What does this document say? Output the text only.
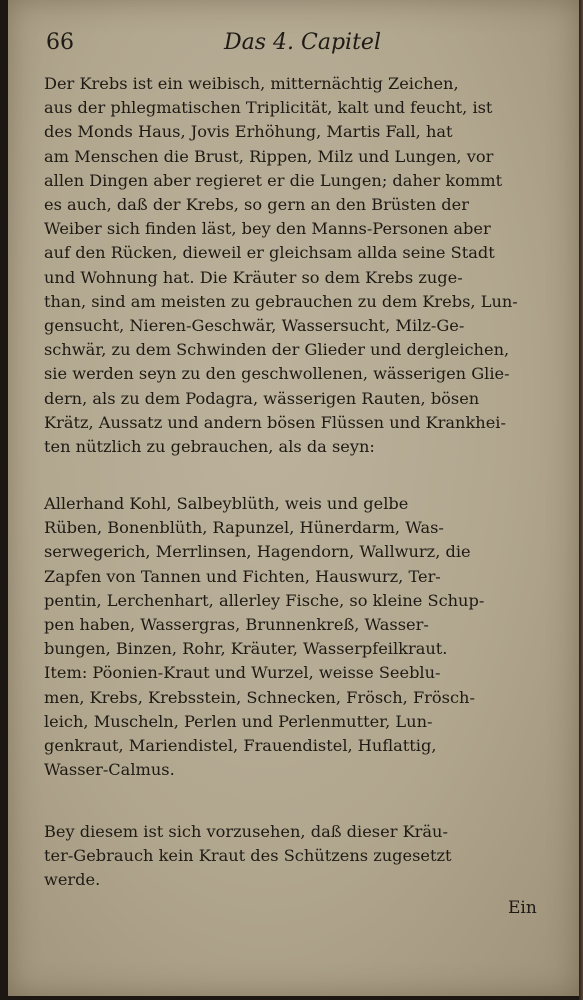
66	Das 4. Capitel
Der Krebs ist ein weibisch, mitternächtig Zeichen,
aus der phlegmatischen Triplicität, kalt und feucht, ist
des Monds Haus, Jovis Erhöhung, Martis Fall, hat
am Menschen die Brust, Rippen, Milz und Lungen, vor
allen Dingen aber regieret er die Lungen; daher kommt
es auch, daß der Krebs, so gern an den Brüsten der
Weiber sich finden läst, bey den Manns-Personen aber
auf den Rücken, dieweil er gleichsam allda seine Stadt
und Wohnung hat. Die Kräuter so dem Krebs zuge-
than, sind am meisten zu gebrauchen zu dem Krebs, Lun-
gensucht, Nieren-Geschwär, Wassersucht, Milz-Ge-
schwär, zu dem Schwinden der Glieder und dergleichen,
sie werden seyn zu den geschwollenen, wässerigen Glie-
dern, als zu dem Podagra, wässerigen Rauten, bösen
Krätz, Aussatz und andern bösen Flüssen und Krankhei-
ten nützlich zu gebrauchen, als da seyn:
Allerhand Kohl, Salbeyblüth, weis und gelbe
Rüben, Bonenblüth, Rapunzel, Hünerdarm, Was-
serwegerich, Merrlinsen, Hagendorn, Wallwurz, die
Zapfen von Tannen und Fichten, Hauswurz, Ter-
pentin, Lerchenhart, allerley Fische, so kleine Schup-
pen haben, Wassergras, Brunnenkreß, Wasser-
bungen, Binzen, Rohr, Kräuter, Wasserpfeilkraut.
Item: Pöonien-Kraut und Wurzel, weisse Seeblu-
men, Krebs, Krebsstein, Schnecken, Frösch, Frösch-
leich, Muscheln, Perlen und Perlenmutter, Lun-
genkraut, Mariendistel, Frauendistel, Huflattig,
Wasser-Calmus.
Bey diesem ist sich vorzusehen, daß dieser Kräu-
ter-Gebrauch kein Kraut des Schützens zugesetzt
werde.
Ein
